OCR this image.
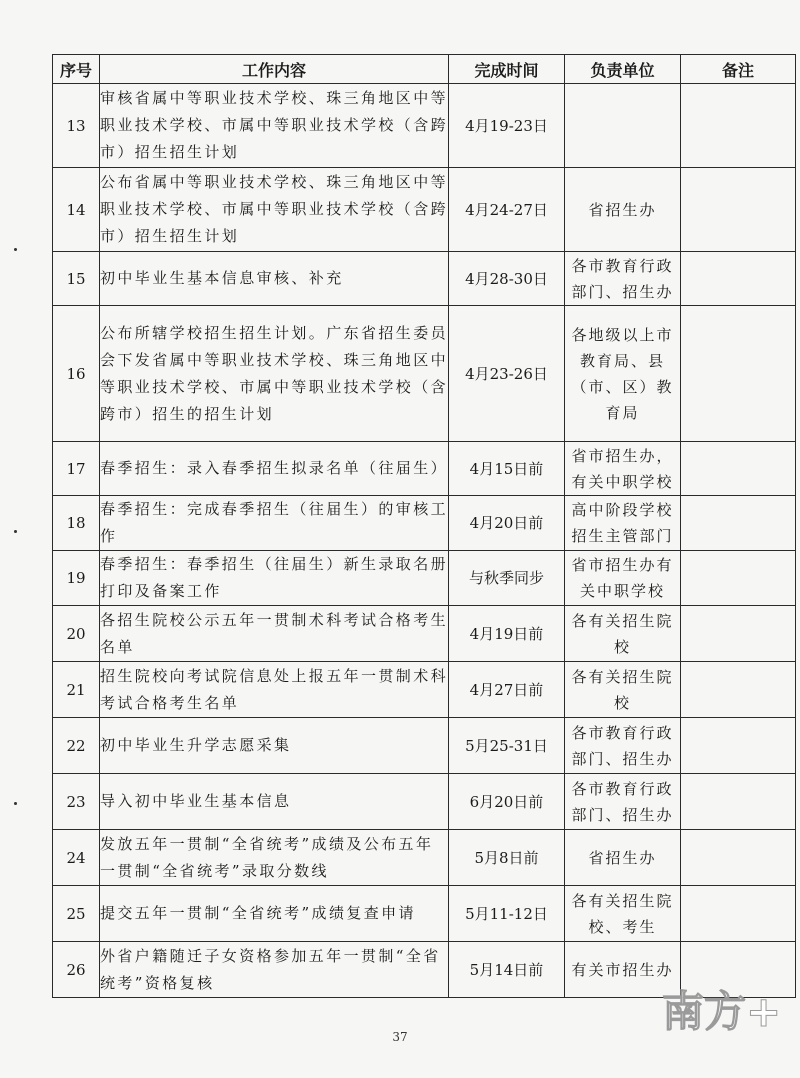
序号	工作内容	完成时间	负责单位	备注
13	审核省属中等职业技术学校、珠三角地区中等职业技术学校、市属中等职业技术学校（含跨市）招生招生计划	4月19-23日	

14	公布省属中等职业技术学校、珠三角地区中等职业技术学校、市属中等职业技术学校（含跨市）招生招生计划	4月24-27日	省招生办	

15	初中毕业生基本信息审核、补充	4月28-30日	各市教育行政
部门、招生办	

16	公布所辖学校招生招生计划。广东省招生委员会下发省属中等职业技术学校、珠三角地区中等职业技术学校、市属中等职业技术学校（含跨市）招生的招生计划	4月23-26日	各地级以上市
教育局、县
（市、区）教
育局	

17	春季招生：录入春季招生拟录名单（往届生）	4月15日前	省市招生办，
有关中职学校	

18	春季招生：完成春季招生（往届生）的审核工作	4月20日前	高中阶段学校
招生主管部门	

19	春季招生：春季招生（往届生）新生录取名册打印及备案工作	与秋季同步	省市招生办有
关中职学校	

20	各招生院校公示五年一贯制术科考试合格考生名单	4月19日前	各有关招生院
校	

21	招生院校向考试院信息处上报五年一贯制术科考试合格考生名单	4月27日前	各有关招生院
校	

22	初中毕业生升学志愿采集	5月25-31日	各市教育行政
部门、招生办	

23	导入初中毕业生基本信息	6月20日前	各市教育行政
部门、招生办	

24	发放五年一贯制“全省统考”成绩及公布五年一贯制“全省统考”录取分数线	5月8日前	省招生办	

25	提交五年一贯制“全省统考”成绩复查申请	5月11-12日	各有关招生院
校、考生	

26	外省户籍随迁子女资格参加五年一贯制“全省统考”资格复核	5月14日前	有关市招生办	

37
南方+
